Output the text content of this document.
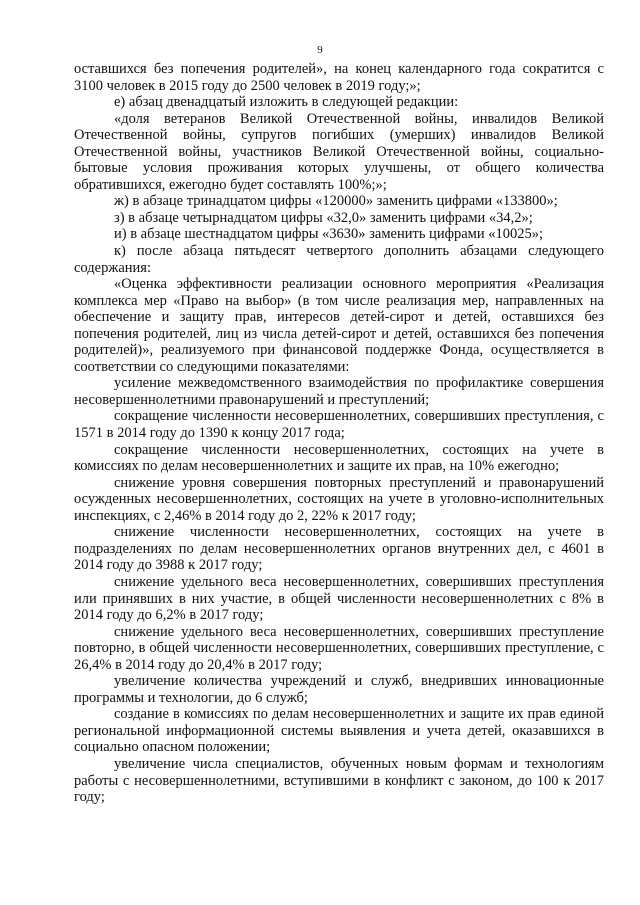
9

оставшихся без попечения родителей», на конец календарного года сократится с 3100 человек в 2015 году до 2500 человек в 2019 году;»;

е) абзац двенадцатый изложить в следующей редакции:

«доля ветеранов Великой Отечественной войны, инвалидов Великой Отечественной войны, супругов погибших (умерших) инвалидов Великой Отечественной войны, участников Великой Отечественной войны, социально-бытовые условия проживания которых улучшены, от общего количества обратившихся, ежегодно будет составлять 100%;»;

ж) в абзаце тринадцатом цифры «120000» заменить цифрами «133800»;

з) в абзаце четырнадцатом цифры «32,0» заменить цифрами «34,2»;

и) в абзаце шестнадцатом цифры «3630» заменить цифрами «10025»;

к) после абзаца пятьдесят четвертого дополнить абзацами следующего содержания:

«Оценка эффективности реализации основного мероприятия «Реализация комплекса мер «Право на выбор» (в том числе реализация мер, направленных на обеспечение и защиту прав, интересов детей-сирот и детей, оставшихся без попечения родителей, лиц из числа детей-сирот и детей, оставшихся без попечения родителей)», реализуемого при финансовой поддержке Фонда, осуществляется в соответствии со следующими показателями:

усиление межведомственного взаимодействия по профилактике совершения несовершеннолетними правонарушений и преступлений;

сокращение численности несовершеннолетних, совершивших преступления, с 1571 в 2014 году до 1390 к концу 2017 года;

сокращение численности несовершеннолетних, состоящих на учете в комиссиях по делам несовершеннолетних и защите их прав, на 10% ежегодно;

снижение уровня совершения повторных преступлений и правонарушений осужденных несовершеннолетних, состоящих на учете в уголовно-исполнительных инспекциях, с 2,46% в 2014 году до 2, 22% к 2017 году;

снижение численности несовершеннолетних, состоящих на учете в подразделениях по делам несовершеннолетних органов внутренних дел, с 4601 в 2014 году до 3988 к 2017 году;

снижение удельного веса несовершеннолетних, совершивших преступления или принявших в них участие, в общей численности несовершеннолетних с 8% в 2014 году до 6,2% в 2017 году;

снижение удельного веса несовершеннолетних, совершивших преступление повторно, в общей численности несовершеннолетних, совершивших преступление, с 26,4% в 2014 году до 20,4% в 2017 году;

увеличение количества учреждений и служб, внедривших инновационные программы и технологии, до 6 служб;

создание в комиссиях по делам несовершеннолетних и защите их прав единой региональной информационной системы выявления и учета детей, оказавшихся в социально опасном положении;

увеличение числа специалистов, обученных новым формам и технологиям работы с несовершеннолетними, вступившими в конфликт с законом, до 100 к 2017 году;
